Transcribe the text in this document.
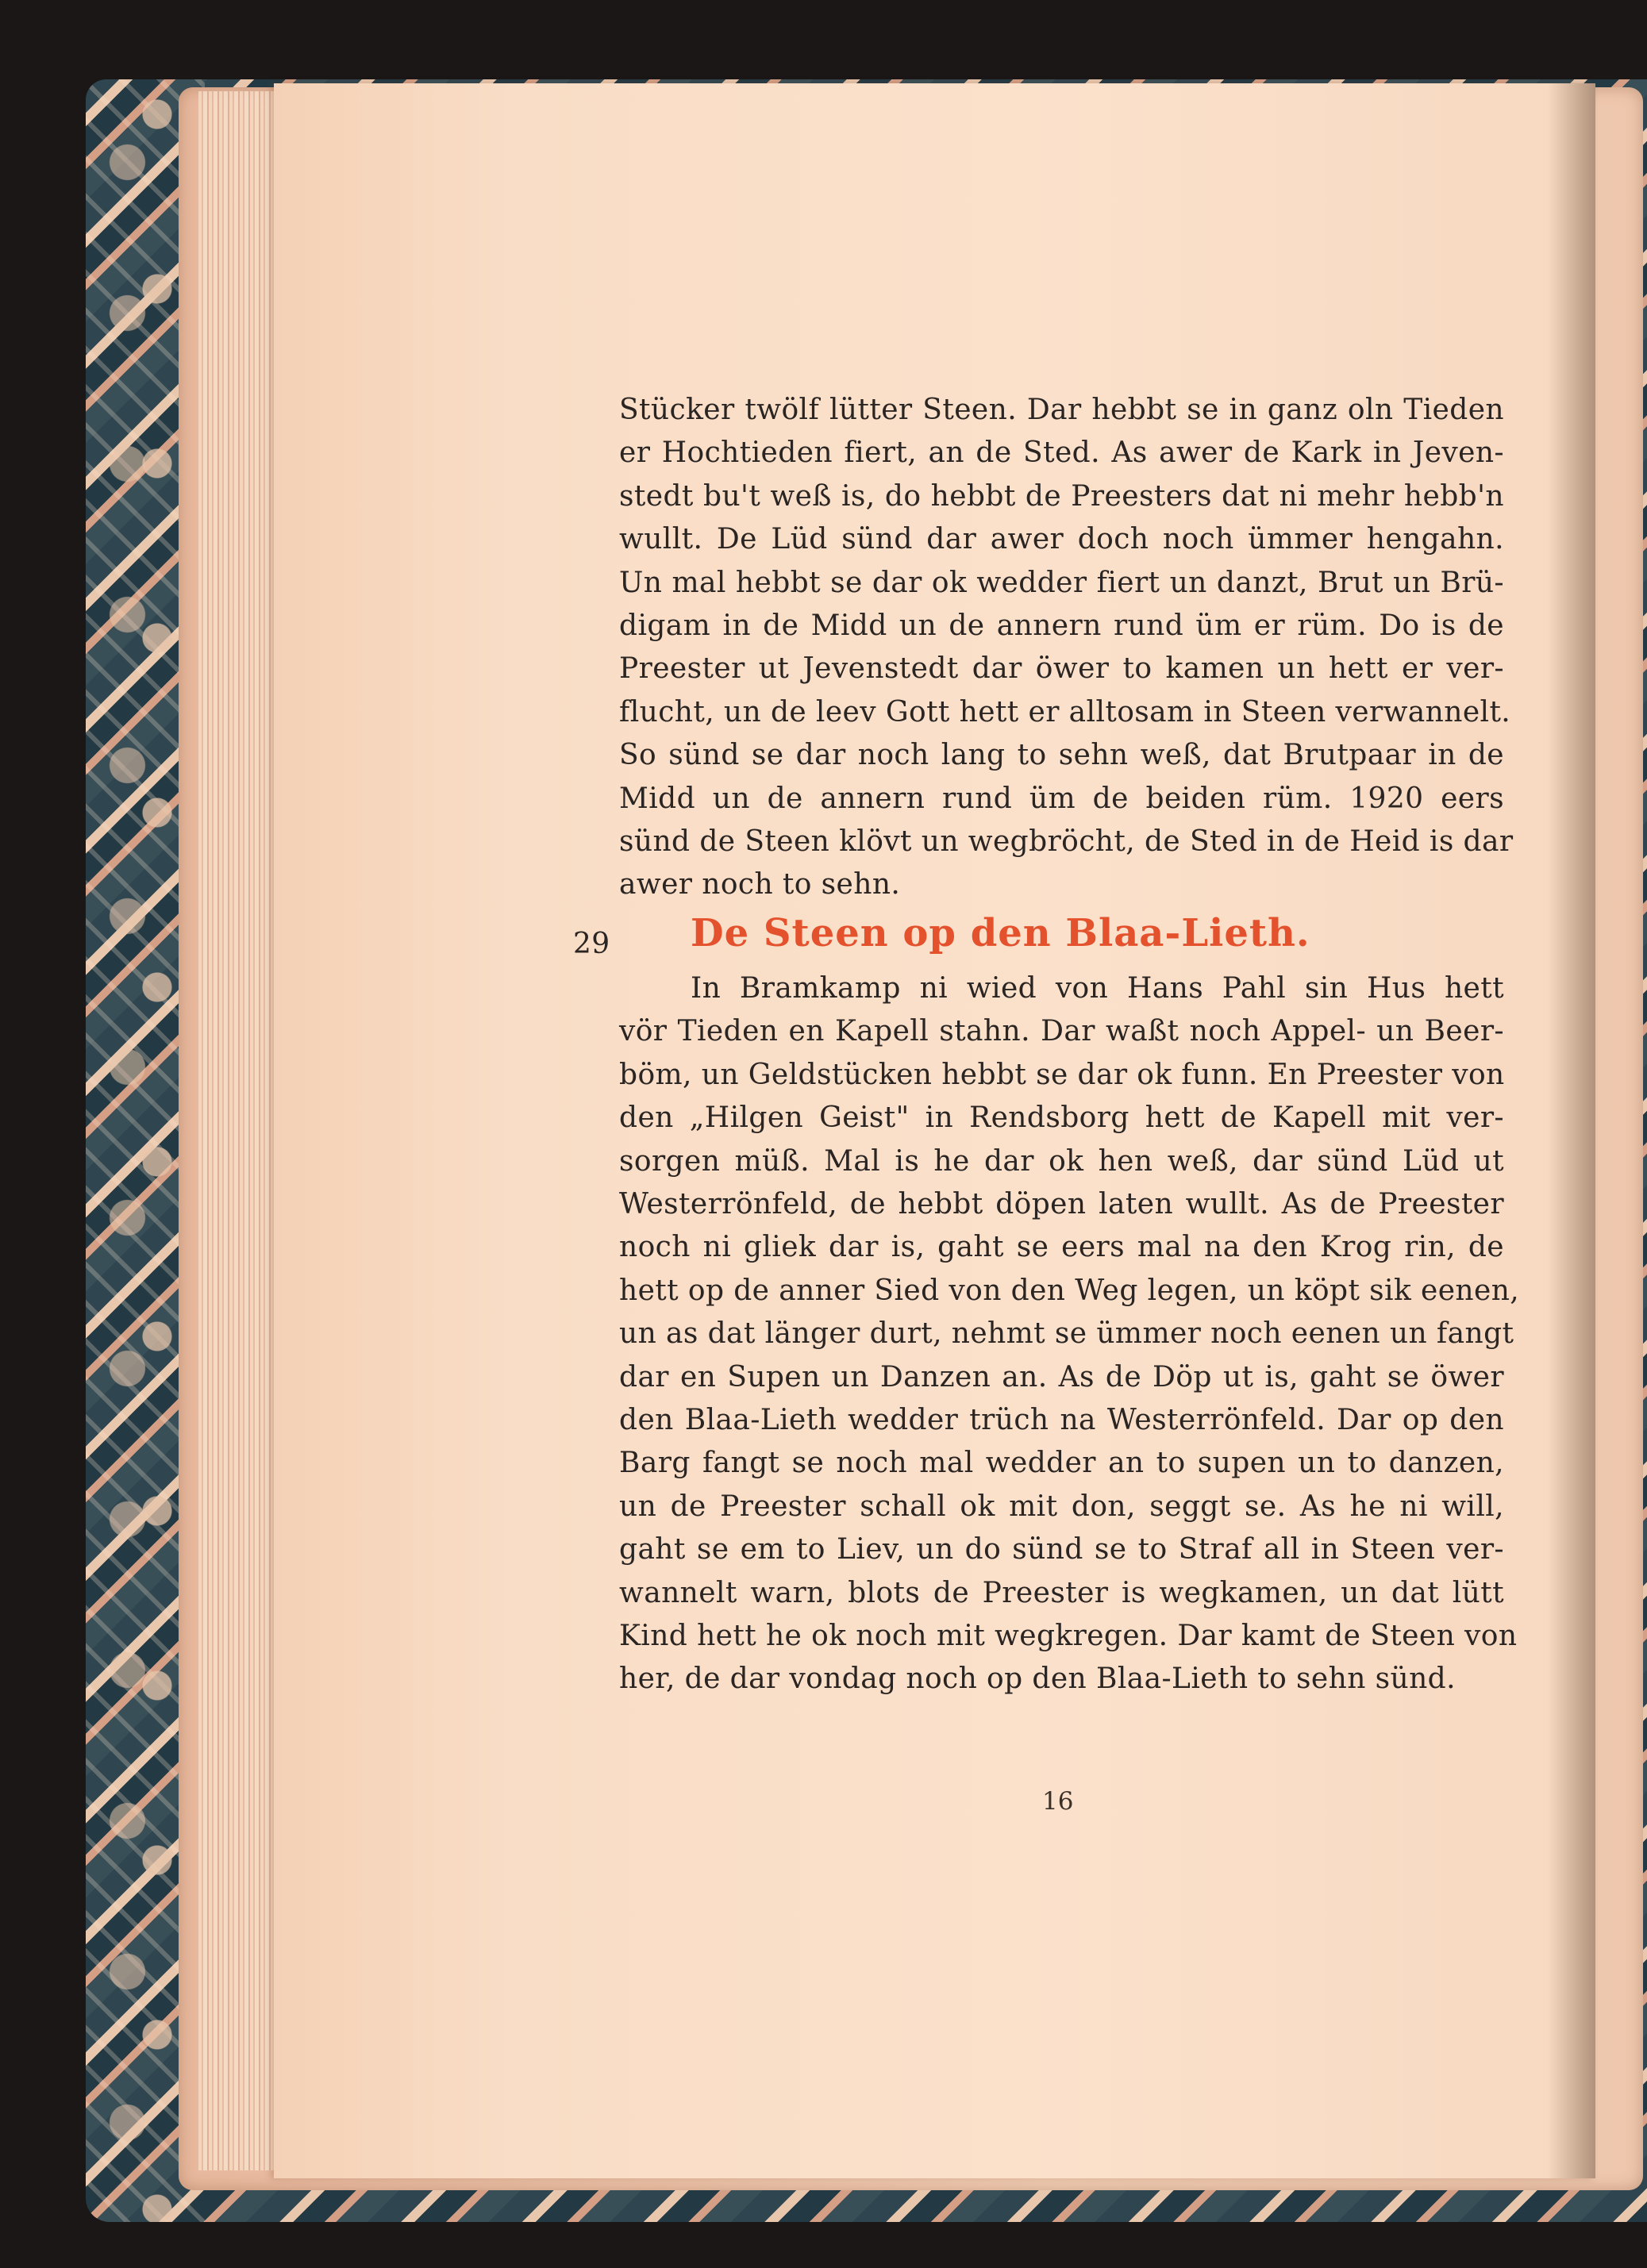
Stücker twölf lütter Steen. Dar hebbt se in ganz oln Tieden
er Hochtieden fiert, an de Sted. As awer de Kark in Jeven-
stedt bu't weß is, do hebbt de Preesters dat ni mehr hebb'n
wullt. De Lüd sünd dar awer doch noch ümmer hengahn.
Un mal hebbt se dar ok wedder fiert un danzt, Brut un Brü-
digam in de Midd un de annern rund üm er rüm. Do is de
Preester ut Jevenstedt dar öwer to kamen un hett er ver-
flucht, un de leev Gott hett er alltosam in Steen verwannelt.
So sünd se dar noch lang to sehn weß, dat Brutpaar in de
Midd un de annern rund üm de beiden rüm. 1920 eers
sünd de Steen klövt un wegbröcht, de Sted in de Heid is dar
awer noch to sehn.
29	De Steen op den Blaa-Lieth.
In Bramkamp ni wied von Hans Pahl sin Hus hett
vör Tieden en Kapell stahn. Dar waßt noch Appel- un Beer-
böm, un Geldstücken hebbt se dar ok funn. En Preester von
den „Hilgen Geist" in Rendsborg hett de Kapell mit ver-
sorgen müß. Mal is he dar ok hen weß, dar sünd Lüd ut
Westerrönfeld, de hebbt döpen laten wullt. As de Preester
noch ni gliek dar is, gaht se eers mal na den Krog rin, de
hett op de anner Sied von den Weg legen, un köpt sik eenen,
un as dat länger durt, nehmt se ümmer noch eenen un fangt
dar en Supen un Danzen an. As de Döp ut is, gaht se öwer
den Blaa-Lieth wedder trüch na Westerrönfeld. Dar op den
Barg fangt se noch mal wedder an to supen un to danzen,
un de Preester schall ok mit don, seggt se. As he ni will,
gaht se em to Liev, un do sünd se to Straf all in Steen ver-
wannelt warn, blots de Preester is wegkamen, un dat lütt
Kind hett he ok noch mit wegkregen. Dar kamt de Steen von
her, de dar vondag noch op den Blaa-Lieth to sehn sünd.
16
